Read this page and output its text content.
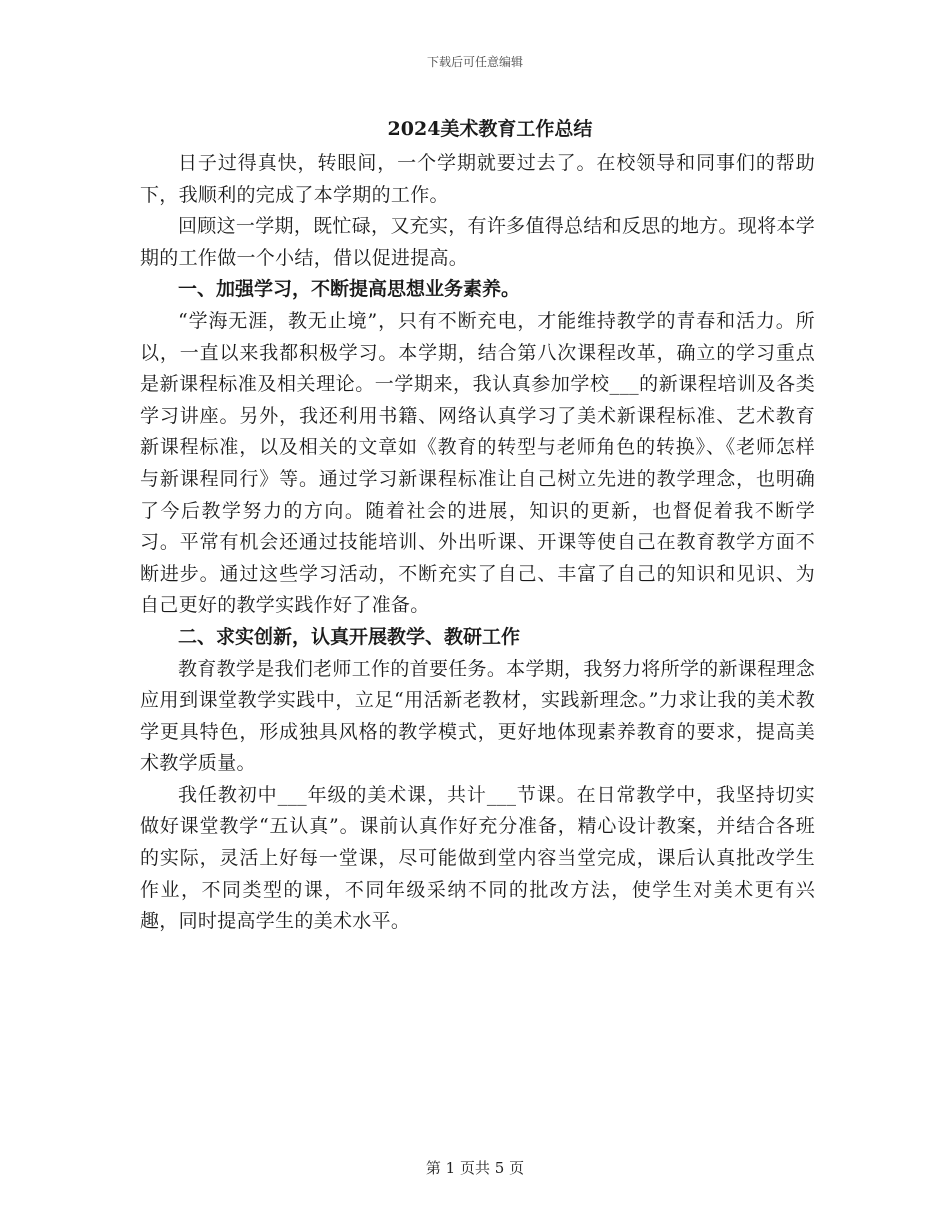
下载后可任意编辑
2024美术教育工作总结

日子过得真快，转眼间，一个学期就要过去了。在校领导和同事们的帮助下，我顺利的完成了本学期的工作。

回顾这一学期，既忙碌，又充实，有许多值得总结和反思的地方。现将本学期的工作做一个小结，借以促进提高。

一、加强学习，不断提高思想业务素养。

“学海无涯，教无止境”，只有不断充电，才能维持教学的青春和活力。所以，一直以来我都积极学习。本学期，结合第八次课程改革，确立的学习重点是新课程标准及相关理论。一学期来，我认真参加学校___的新课程培训及各类学习讲座。另外，我还利用书籍、网络认真学习了美术新课程标准、艺术教育新课程标准，以及相关的文章如《教育的转型与老师角色的转换》、《老师怎样与新课程同行》等。通过学习新课程标准让自己树立先进的教学理念，也明确了今后教学努力的方向。随着社会的进展，知识的更新，也督促着我不断学习。平常有机会还通过技能培训、外出听课、开课等使自己在教育教学方面不断进步。通过这些学习活动，不断充实了自己、丰富了自己的知识和见识、为自己更好的教学实践作好了准备。

二、求实创新，认真开展教学、教研工作

教育教学是我们老师工作的首要任务。本学期，我努力将所学的新课程理念应用到课堂教学实践中，立足“用活新老教材，实践新理念。”力求让我的美术教学更具特色，形成独具风格的教学模式，更好地体现素养教育的要求，提高美术教学质量。

我任教初中___年级的美术课，共计___节课。在日常教学中，我坚持切实做好课堂教学“五认真”。课前认真作好充分准备，精心设计教案，并结合各班的实际，灵活上好每一堂课，尽可能做到堂内容当堂完成，课后认真批改学生作业，不同类型的课，不同年级采纳不同的批改方法，使学生对美术更有兴趣，同时提高学生的美术水平。

第 1 页共 5 页
